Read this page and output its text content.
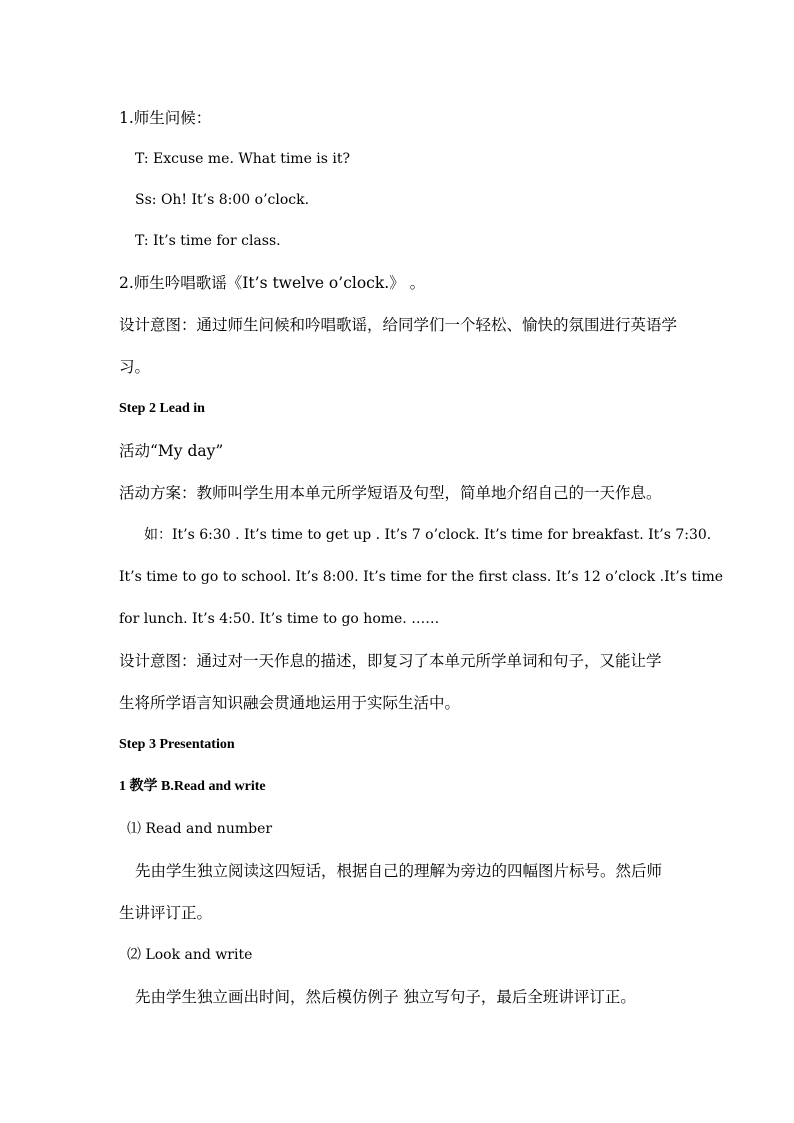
1.师生问候：
T: Excuse me. What time is it?
Ss: Oh! It’s 8:00 o’clock.
T: It’s time for class.
2.师生吟唱歌谣《It’s twelve o’clock.》 。
设计意图：通过师生问候和吟唱歌谣，给同学们一个轻松、愉快的氛围进行英语学
习。
Step 2 Lead in
活动“My day”
活动方案：教师叫学生用本单元所学短语及句型，简单地介绍自己的一天作息。
如：It’s 6:30 . It’s time to get up . It’s 7 o’clock. It’s time for breakfast. It’s 7:30.
It’s time to go to school. It’s 8:00. It’s time for the first class. It’s 12 o’clock .It’s time
for lunch. It’s 4:50. It’s time to go home. ……
设计意图：通过对一天作息的描述，即复习了本单元所学单词和句子，又能让学
生将所学语言知识融会贯通地运用于实际生活中。
Step 3 Presentation
1 教学 B.Read and write
⑴ Read and number
先由学生独立阅读这四短话，根据自己的理解为旁边的四幅图片标号。然后师
生讲评订正。
⑵ Look and write
先由学生独立画出时间，然后模仿例子 独立写句子，最后全班讲评订正。
